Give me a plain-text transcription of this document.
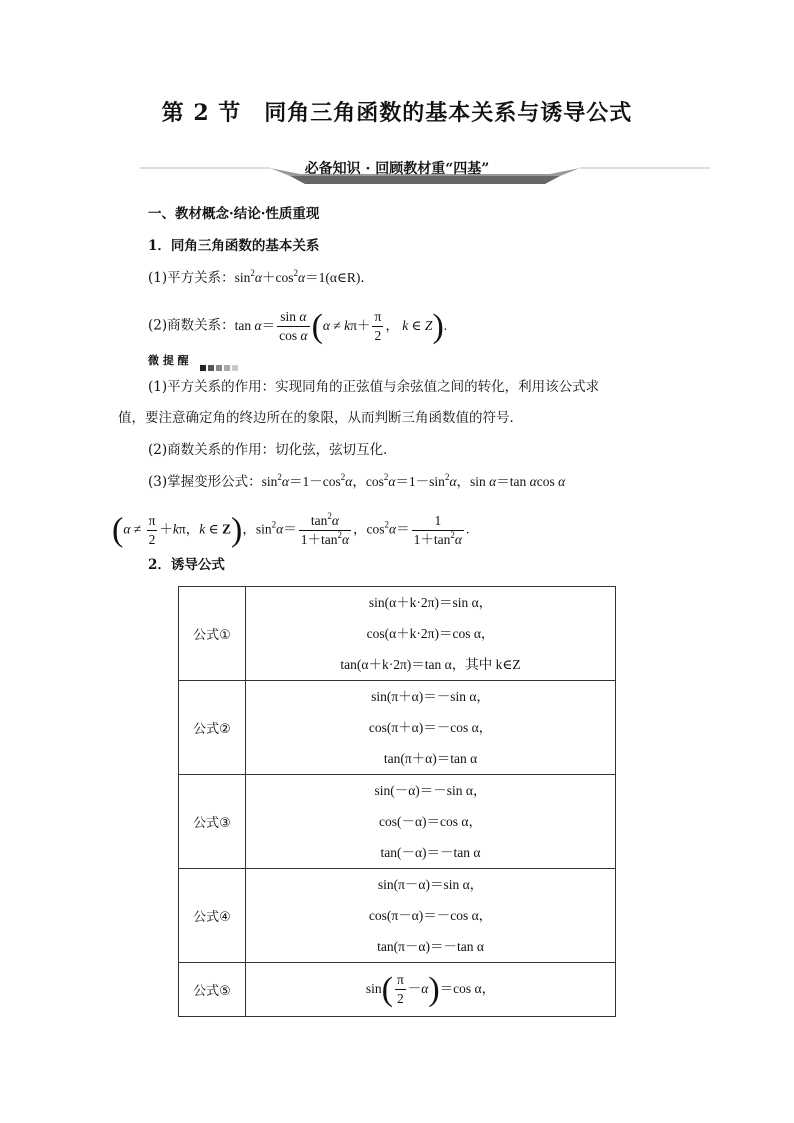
第 2 节　同角三角函数的基本关系与诱导公式
必备知识 · 回顾教材重“四基”
一、教材概念·结论·性质重现
1．同角三角函数的基本关系
(1)平方关系：$\sin^2\alpha+\cos^2\alpha=1(\alpha\in R)$．
(2)商数关系：$\tan \alpha= \frac{\text{sin α}}{\text{cos α}} (\alpha \ne k\pi+ \frac{\pi}{2}$ ， k ∈ Z).
微 提 醒
(1)平方关系的作用：实现同角的正弦值与余弦值之间的转化，利用该公式求
值，要注意确定角的终边所在的象限，从而判断三角函数值的符号．
(2)商数关系的作用：切化弦，弦切互化．
(3)掌握变形公式：$\sin^2\alpha=1-\cos^2\alpha$，$\cos^2\alpha=1-\sin^2\alpha$，sin α＝tan αcos α
($\alpha \ne \frac{\pi}{2} +k\pi$，k ∈ Z)，$\sin^2\alpha= \frac{\tan^2\alpha}{1+\tan^2\alpha}$ ，$\cos^2\alpha= \frac{1}{1+\tan^2\alpha}$ .
2．诱导公式
公式①	sin(α＋k·2π)＝sin α，
cos(α＋k·2π)＝cos α，
tan(α＋k·2π)＝tan α，其中 k∈Z

公式②	sin(π＋α)＝－sin α，
cos(π＋α)＝－cos α，
tan(π＋α)＝tan α

公式③	sin(－α)＝－sin α，
cos(－α)＝cos α，
tan(－α)＝－tan α

公式④	sin(π－α)＝sin α，
cos(π－α)＝－cos α，
tan(π－α)＝－tan α

公式⑤	$\sin( \frac{\pi}{2} -\alpha)=\cos$ α，
